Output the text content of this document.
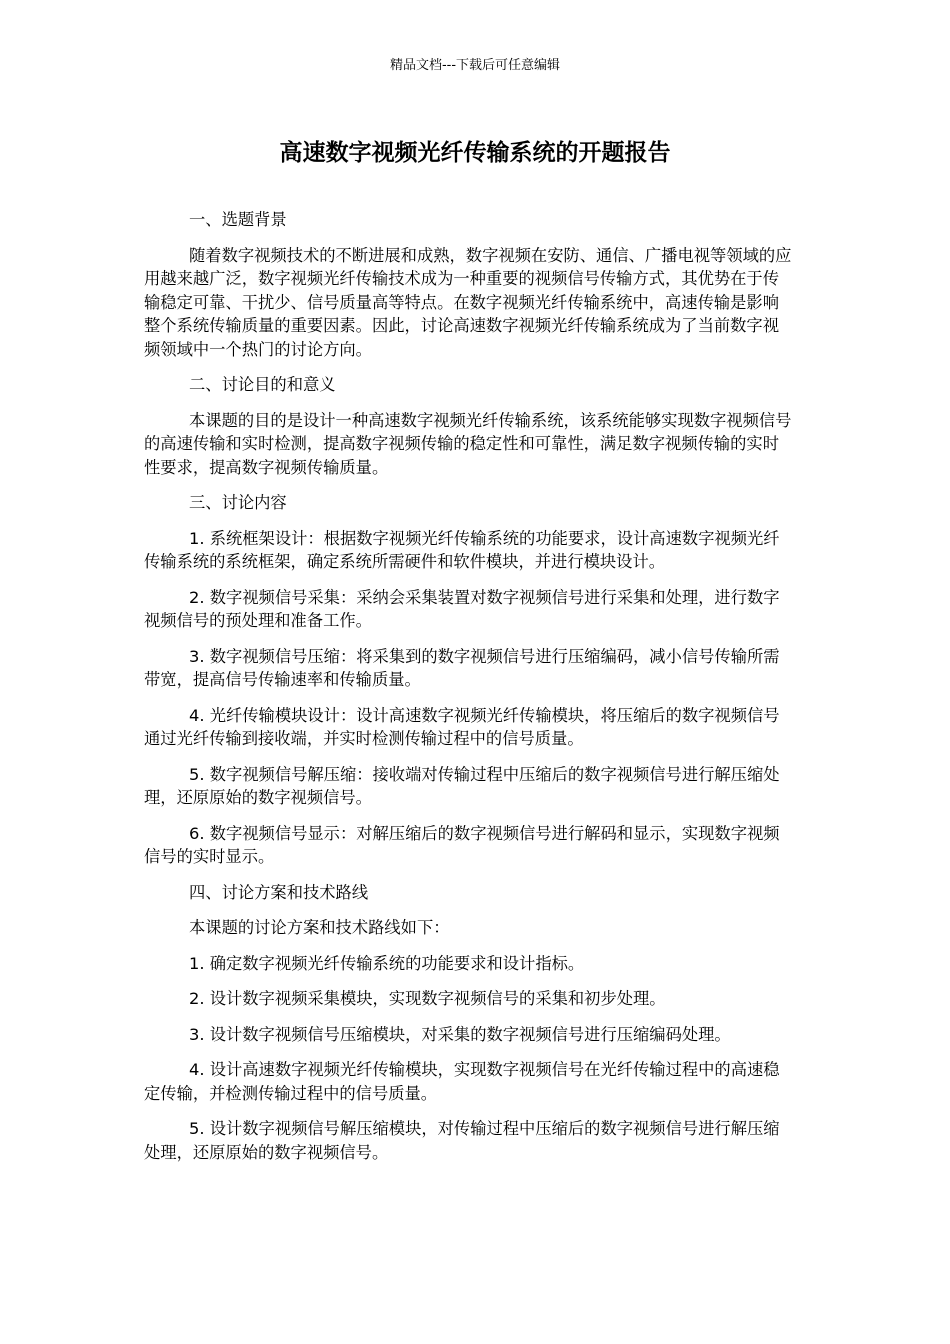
精品文档---下载后可任意编辑
高速数字视频光纤传输系统的开题报告
一、选题背景
随着数字视频技术的不断进展和成熟，数字视频在安防、通信、广播电视等领域的应用越来越广泛，数字视频光纤传输技术成为一种重要的视频信号传输方式，其优势在于传输稳定可靠、干扰少、信号质量高等特点。在数字视频光纤传输系统中，高速传输是影响整个系统传输质量的重要因素。因此，讨论高速数字视频光纤传输系统成为了当前数字视频领域中一个热门的讨论方向。
二、讨论目的和意义
本课题的目的是设计一种高速数字视频光纤传输系统，该系统能够实现数字视频信号的高速传输和实时检测，提高数字视频传输的稳定性和可靠性，满足数字视频传输的实时性要求，提高数字视频传输质量。
三、讨论内容
1. 系统框架设计：根据数字视频光纤传输系统的功能要求，设计高速数字视频光纤传输系统的系统框架，确定系统所需硬件和软件模块，并进行模块设计。
2. 数字视频信号采集：采纳会采集装置对数字视频信号进行采集和处理，进行数字视频信号的预处理和准备工作。
3. 数字视频信号压缩：将采集到的数字视频信号进行压缩编码，减小信号传输所需带宽，提高信号传输速率和传输质量。
4. 光纤传输模块设计：设计高速数字视频光纤传输模块，将压缩后的数字视频信号通过光纤传输到接收端，并实时检测传输过程中的信号质量。
5. 数字视频信号解压缩：接收端对传输过程中压缩后的数字视频信号进行解压缩处理，还原原始的数字视频信号。
6. 数字视频信号显示：对解压缩后的数字视频信号进行解码和显示，实现数字视频信号的实时显示。
四、讨论方案和技术路线
本课题的讨论方案和技术路线如下：
1. 确定数字视频光纤传输系统的功能要求和设计指标。
2. 设计数字视频采集模块，实现数字视频信号的采集和初步处理。
3. 设计数字视频信号压缩模块，对采集的数字视频信号进行压缩编码处理。
4. 设计高速数字视频光纤传输模块，实现数字视频信号在光纤传输过程中的高速稳定传输，并检测传输过程中的信号质量。
5. 设计数字视频信号解压缩模块，对传输过程中压缩后的数字视频信号进行解压缩处理，还原原始的数字视频信号。
